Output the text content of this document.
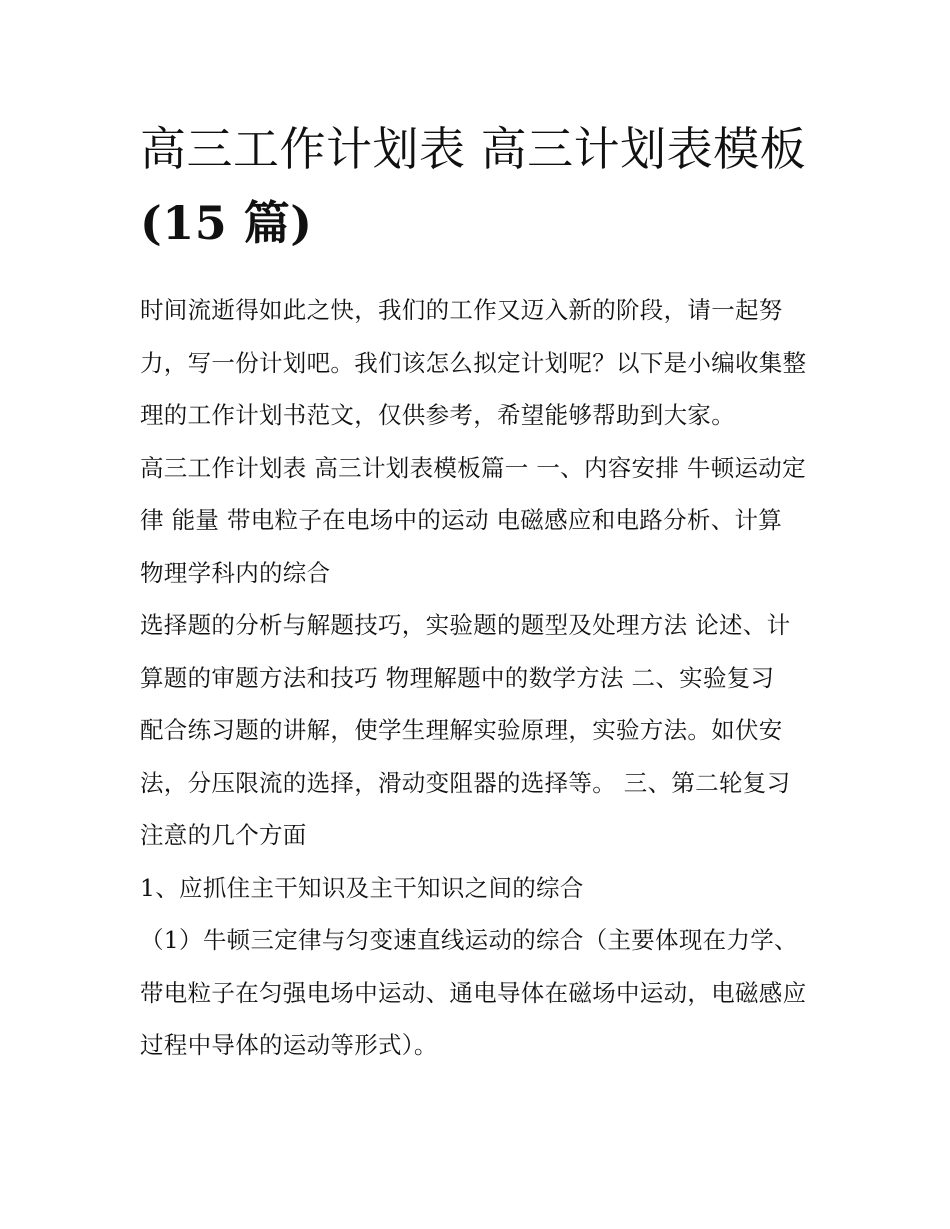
高三工作计划表 高三计划表模板(15 篇)

时间流逝得如此之快，我们的工作又迈入新的阶段，请一起努力，写一份计划吧。我们该怎么拟定计划呢？以下是小编收集整理的工作计划书范文，仅供参考，希望能够帮助到大家。

高三工作计划表 高三计划表模板篇一 一、内容安排 牛顿运动定律 能量 带电粒子在电场中的运动 电磁感应和电路分析、计算 物理学科内的综合

选择题的分析与解题技巧，实验题的题型及处理方法 论述、计算题的审题方法和技巧 物理解题中的数学方法 二、实验复习

配合练习题的讲解，使学生理解实验原理，实验方法。如伏安法，分压限流的选择，滑动变阻器的选择等。 三、第二轮复习注意的几个方面

1、应抓住主干知识及主干知识之间的综合

（1）牛顿三定律与匀变速直线运动的综合（主要体现在力学、带电粒子在匀强电场中运动、通电导体在磁场中运动，电磁感应过程中导体的运动等形式）。
